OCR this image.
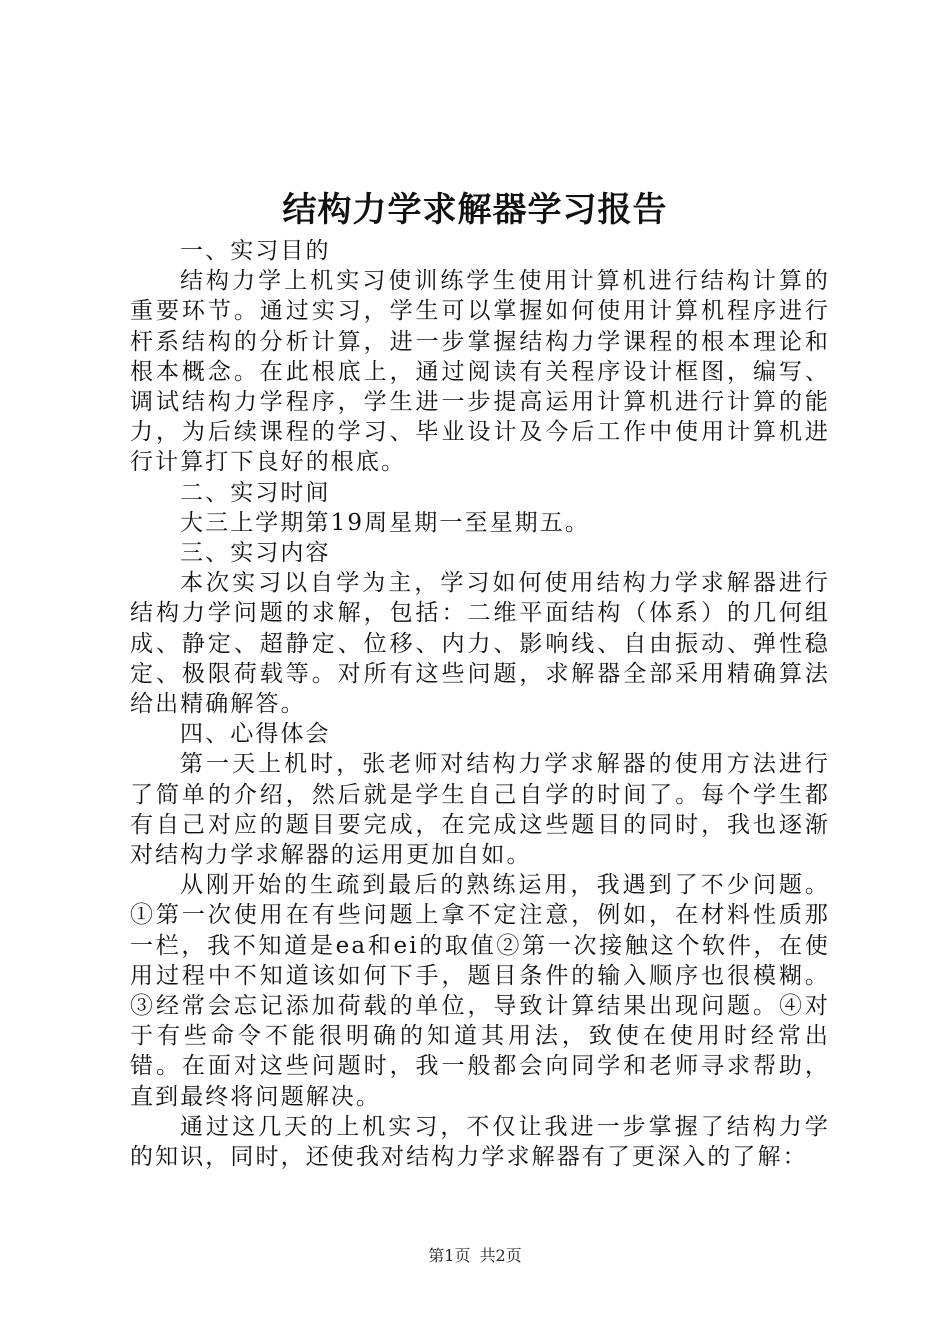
结构力学求解器学习报告

一、实习目的

结构力学上机实习使训练学生使用计算机进行结构计算的重要环节。通过实习，学生可以掌握如何使用计算机程序进行杆系结构的分析计算，进一步掌握结构力学课程的根本理论和根本概念。在此根底上，通过阅读有关程序设计框图，编写、调试结构力学程序，学生进一步提高运用计算机进行计算的能力，为后续课程的学习、毕业设计及今后工作中使用计算机进行计算打下良好的根底。

二、实习时间

大三上学期第19周星期一至星期五。

三、实习内容

本次实习以自学为主，学习如何使用结构力学求解器进行结构力学问题的求解，包括：二维平面结构（体系）的几何组成、静定、超静定、位移、内力、影响线、自由振动、弹性稳定、极限荷载等。对所有这些问题，求解器全部采用精确算法给出精确解答。

四、心得体会

第一天上机时，张老师对结构力学求解器的使用方法进行了简单的介绍，然后就是学生自己自学的时间了。每个学生都有自己对应的题目要完成，在完成这些题目的同时，我也逐渐对结构力学求解器的运用更加自如。

从刚开始的生疏到最后的熟练运用，我遇到了不少问题。①第一次使用在有些问题上拿不定注意，例如，在材料性质那一栏，我不知道是ea和ei的取值②第一次接触这个软件，在使用过程中不知道该如何下手，题目条件的输入顺序也很模糊。③经常会忘记添加荷载的单位，导致计算结果出现问题。④对于有些命令不能很明确的知道其用法，致使在使用时经常出错。在面对这些问题时，我一般都会向同学和老师寻求帮助，直到最终将问题解决。

通过这几天的上机实习，不仅让我进一步掌握了结构力学的知识，同时，还使我对结构力学求解器有了更深入的了解：

第1页 共2页
